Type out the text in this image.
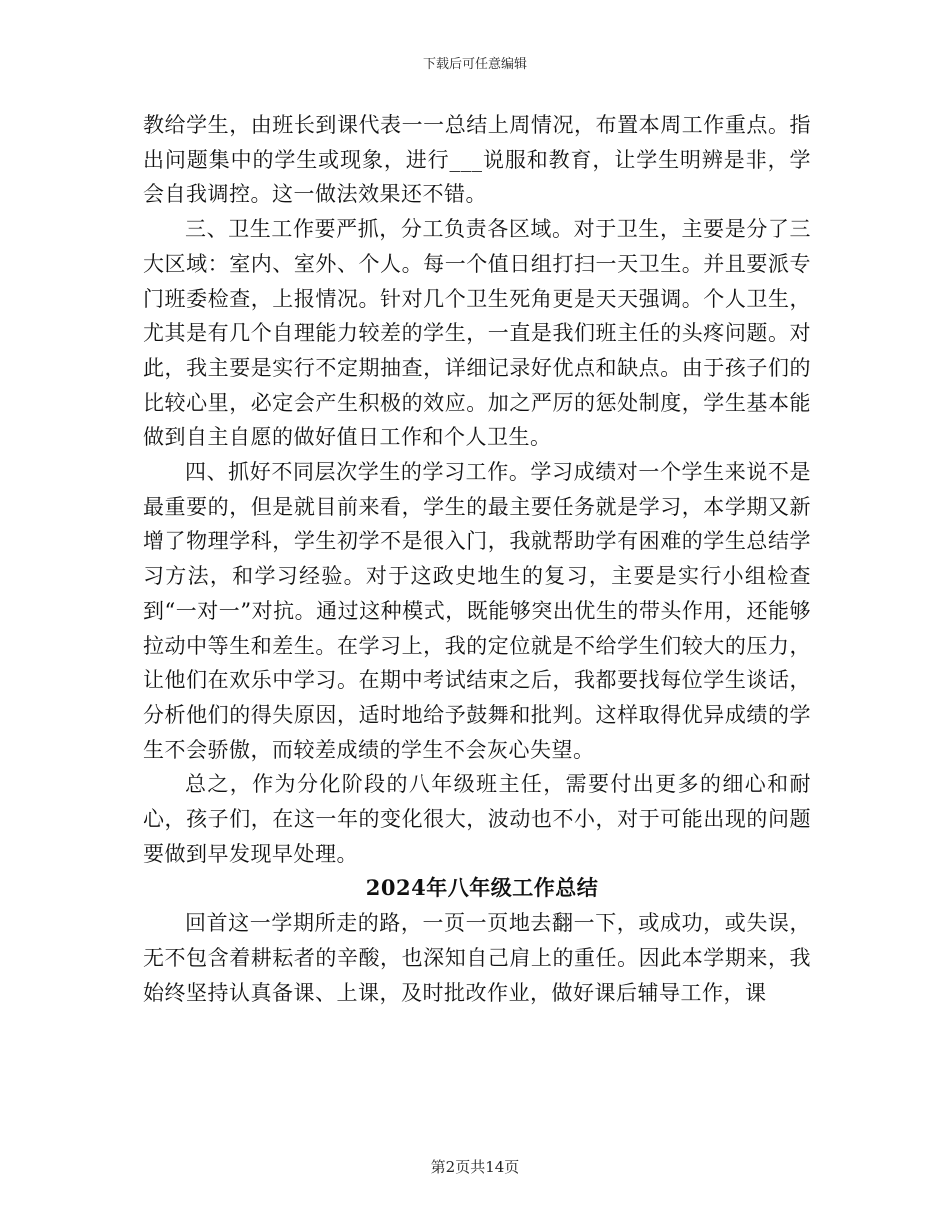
下载后可任意编辑

教给学生，由班长到课代表一一总结上周情况，布置本周工作重点。指出问题集中的学生或现象，进行___说服和教育，让学生明辨是非，学会自我调控。这一做法效果还不错。

三、卫生工作要严抓，分工负责各区域。对于卫生，主要是分了三大区域：室内、室外、个人。每一个值日组打扫一天卫生。并且要派专门班委检查，上报情况。针对几个卫生死角更是天天强调。个人卫生，尤其是有几个自理能力较差的学生，一直是我们班主任的头疼问题。对此，我主要是实行不定期抽查，详细记录好优点和缺点。由于孩子们的比较心里，必定会产生积极的效应。加之严厉的惩处制度，学生基本能做到自主自愿的做好值日工作和个人卫生。

四、抓好不同层次学生的学习工作。学习成绩对一个学生来说不是最重要的，但是就目前来看，学生的最主要任务就是学习，本学期又新增了物理学科，学生初学不是很入门，我就帮助学有困难的学生总结学习方法，和学习经验。对于这政史地生的复习，主要是实行小组检查到“一对一”对抗。通过这种模式，既能够突出优生的带头作用，还能够拉动中等生和差生。在学习上，我的定位就是不给学生们较大的压力，让他们在欢乐中学习。在期中考试结束之后，我都要找每位学生谈话，分析他们的得失原因，适时地给予鼓舞和批判。这样取得优异成绩的学生不会骄傲，而较差成绩的学生不会灰心失望。

总之，作为分化阶段的八年级班主任，需要付出更多的细心和耐心，孩子们，在这一年的变化很大，波动也不小，对于可能出现的问题要做到早发现早处理。

2024年八年级工作总结

回首这一学期所走的路，一页一页地去翻一下，或成功，或失误，无不包含着耕耘者的辛酸，也深知自己肩上的重任。因此本学期来，我始终坚持认真备课、上课，及时批改作业，做好课后辅导工作，课

第2页共14页
